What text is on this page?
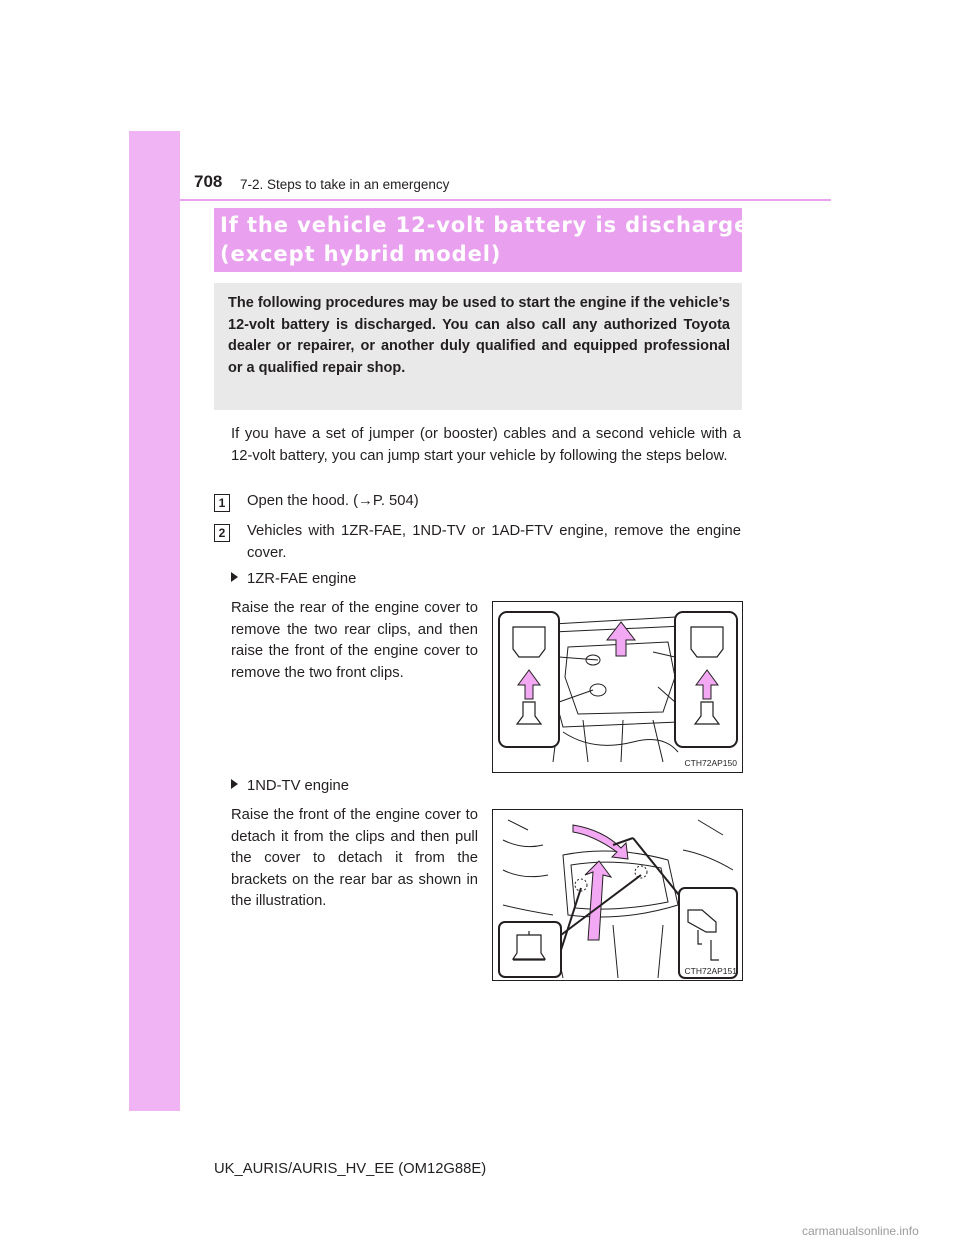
708 7-2. Steps to take in an emergency
If the vehicle 12-volt battery is discharged
(except hybrid model)

The following procedures may be used to start the engine if the vehicle’s 12-volt battery is discharged. You can also call any authorized Toyota dealer or repairer, or another duly qualified and equipped professional or a qualified repair shop.

If you have a set of jumper (or booster) cables and a second vehicle with a 12-volt battery, you can jump start your vehicle by following the steps below.
1	Open the hood. (→P. 504)
2	Vehicles with 1ZR-FAE, 1ND-TV or 1AD-FTV engine, remove the engine cover.
1ZR-FAE engine
Raise the rear of the engine cover to remove the two rear clips, and then raise the front of the engine cover to remove the two front clips.
CTH72AP150
1ND-TV engine
Raise the front of the engine cover to detach it from the clips and then pull the cover to detach it from the brackets on the rear bar as shown in the illustration.
CTH72AP151
UK_AURIS/AURIS_HV_EE (OM12G88E)
carmanualsonline.info
